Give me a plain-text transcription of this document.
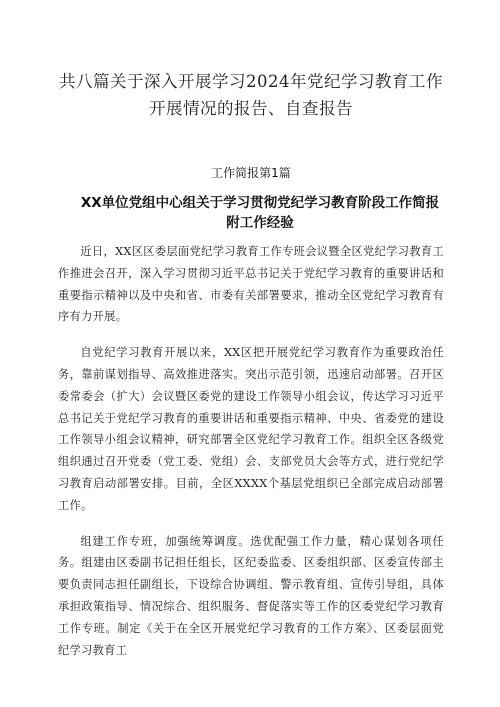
共八篇关于深入开展学习2024年党纪学习教育工作
开展情况的报告、自查报告
工作简报第1篇
XX单位党组中心组关于学习贯彻党纪学习教育阶段工作简报附工作经验

近日，XX区区委层面党纪学习教育工作专班会议暨全区党纪学习教育工作推进会召开，深入学习贯彻习近平总书记关于党纪学习教育的重要讲话和重要指示精神以及中央和省、市委有关部署要求，推动全区党纪学习教育有序有力开展。

自党纪学习教育开展以来，XX区把开展党纪学习教育作为重要政治任务，靠前谋划指导、高效推进落实。突出示范引领，迅速启动部署。召开区委常委会（扩大）会议暨区委党的建设工作领导小组会议，传达学习习近平总书记关于党纪学习教育的重要讲话和重要指示精神、中央、省委党的建设工作领导小组会议精神，研究部署全区党纪学习教育工作。组织全区各级党组织通过召开党委（党工委、党组）会、支部党员大会等方式，进行党纪学习教育启动部署安排。目前，全区XXXX个基层党组织已全部完成启动部署工作。

组建工作专班，加强统筹调度。选优配强工作力量，精心谋划各项任务。组建由区委副书记担任组长，区纪委监委、区委组织部、区委宣传部主要负责同志担任副组长，下设综合协调组、警示教育组、宣传引导组，具体承担政策指导、情况综合、组织服务、督促落实等工作的区委党纪学习教育工作专班。制定《关于在全区开展党纪学习教育的工作方案》、区委层面党纪学习教育工
